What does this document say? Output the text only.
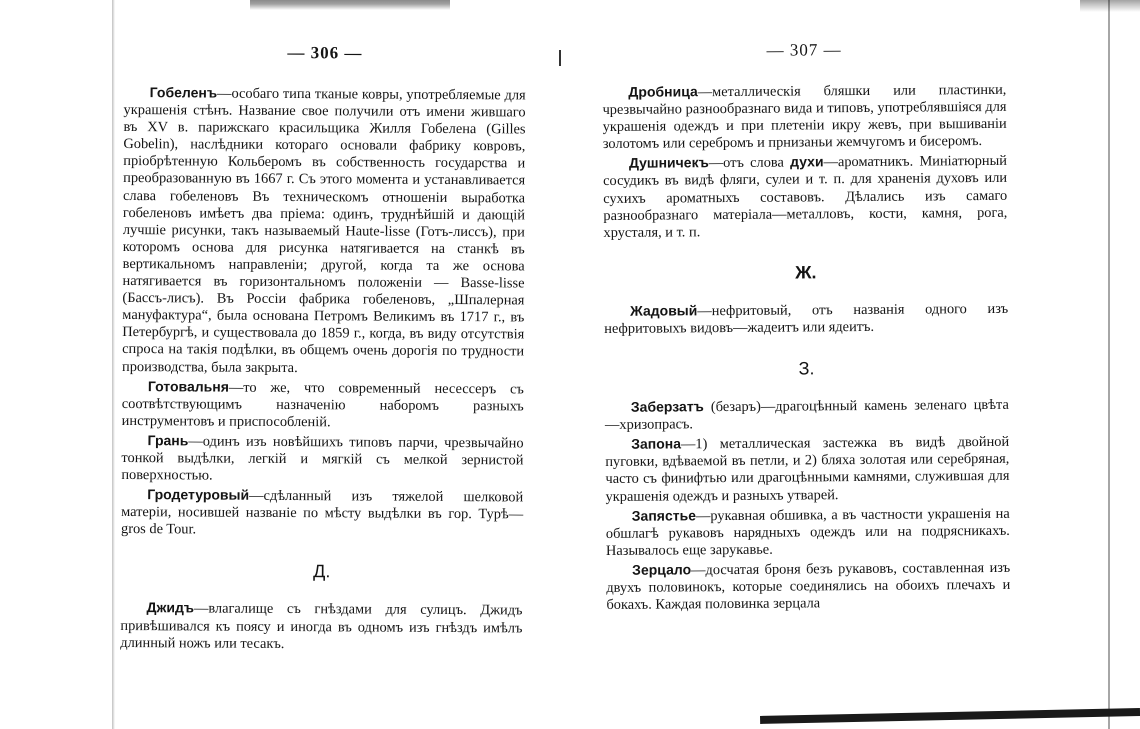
— 306 —

Гобеленъ—особаго типа тканые ковры, употребляемые для украшенія стѣнъ. Название свое получили отъ имени жившаго въ XV в. парижскаго красильщика Жилля Гобелена (Gilles Gobelin), наслѣдники котораго основали фабрику ковровъ, пріобрѣтенную Кольберомъ въ собственность государства и преобразованную въ 1667 г. Съ этого момента и устанавливается слава гобеленовъ Въ техническомъ отношеніи выработка гобеленовъ имѣетъ два пріема: одинъ, труднѣйшій и дающій лучшіе рисунки, такъ называемый Haute-lisse (Готъ-лиссъ), при которомъ основа для рисунка натягивается на станкѣ въ вертикальномъ направленіи; другой, когда та же основа натягивается въ горизонтальномъ положеніи — Basse-lisse (Бассъ-лисъ). Въ Россіи фабрика гобеленовъ, „Шпалерная мануфактура“, была основана Петромъ Великимъ въ 1717 г., въ Петербургѣ, и существовала до 1859 г., когда, въ виду отсутствія спроса на такія подѣлки, въ общемъ очень дорогія по трудности производства, была закрыта.

Готовальня—то же, что современный несессеръ съ соотвѣтствующимъ назначенію наборомъ разныхъ инструментовъ и приспособленій.

Грань—одинъ изъ новѣйшихъ типовъ парчи, чрезвычайно тонкой выдѣлки, легкій и мягкій съ мелкой зернистой поверхностью.

Гродетуровый—сдѣланный изъ тяжелой шелковой матеріи, носившей названіе по мѣсту выдѣлки въ гор. Турѣ—gros de Tour.

Д.

Джидъ—влагалище съ гнѣздами для сулицъ. Джидъ привѣшивался къ поясу и иногда въ одномъ изъ гнѣздъ имѣлъ длинный ножъ или тесакъ.

— 307 —

Дробница—металлическія бляшки или пластинки, чрезвычайно разнообразнаго вида и типовъ, употреблявшіяся для украшенія одеждъ и при плетеніи икру жевъ, при вышиваніи золотомъ или серебромъ и прнизаньи жемчугомъ и бисеромъ.

Душничекъ—отъ слова духи—ароматникъ. Миніатюрный сосудикъ въ видѣ фляги, сулеи и т. п. для храненія духовъ или сухихъ ароматныхъ составовъ. Дѣлались изъ самаго разнообразнаго матеріала—металловъ, кости, камня, рога, хрусталя, и т. п.

Ж.

Жадовый—нефритовый, отъ названія одного изъ нефритовыхъ видовъ—жадеитъ или ядеитъ.

З.

Заберзатъ (безаръ)—драгоцѣнный камень зеленаго цвѣта—хризопрасъ.

Запона—1) металлическая застежка въ видѣ двойной пуговки, вдѣваемой въ петли, и 2) бляха золотая или серебряная, часто съ финифтью или драгоцѣнными камнями, служившая для украшенія одеждъ и разныхъ утварей.

Запястье—рукавная обшивка, а въ частности украшенія на обшлагѣ рукавовъ нарядныхъ одеждъ или на подрясникахъ. Называлось еще зарукавье.

Зерцало—досчатая броня безъ рукавовъ, составленная изъ двухъ половинокъ, которые соединялись на обоихъ плечахъ и бокахъ. Каждая половинка зерцала
